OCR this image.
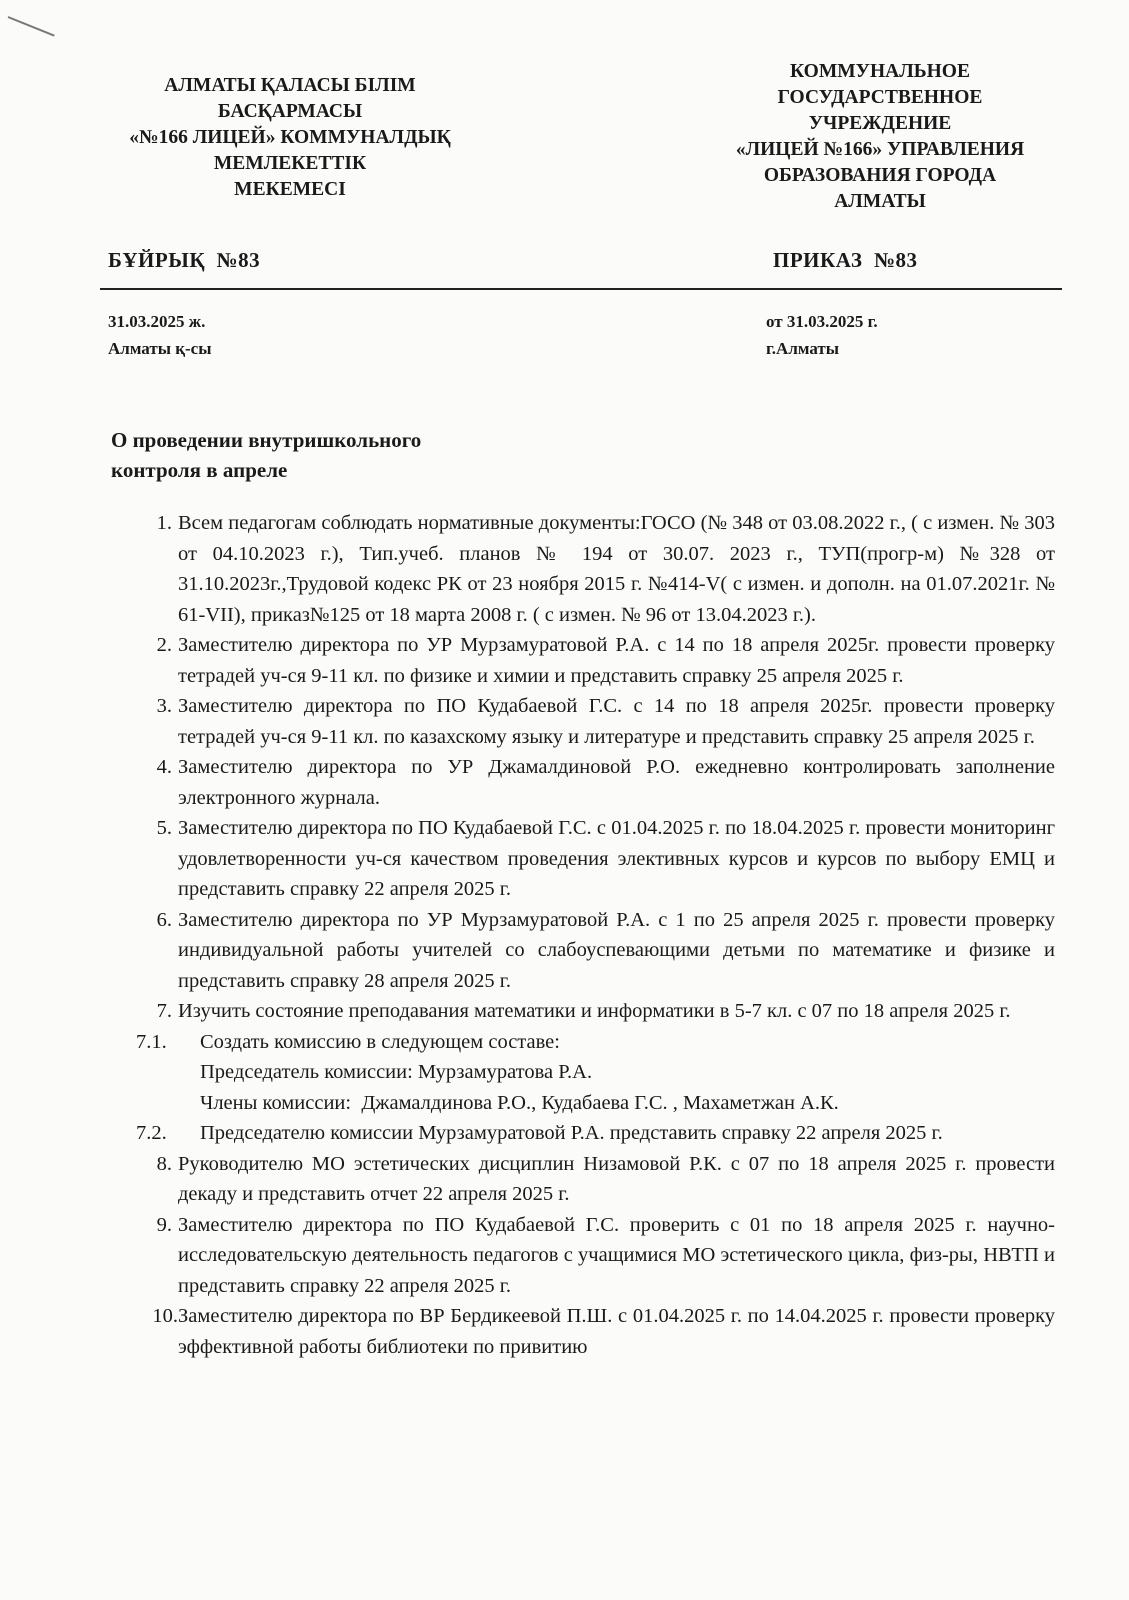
АЛМАТЫ ҚАЛАСЫ БІЛІМ
БАСҚАРМАСЫ
«№166 ЛИЦЕЙ» КОММУНАЛДЫҚ
МЕМЛЕКЕТТІК
МЕКЕМЕСІ
КОММУНАЛЬНОЕ
ГОСУДАРСТВЕННОЕ
УЧРЕЖДЕНИЕ
«ЛИЦЕЙ №166» УПРАВЛЕНИЯ
ОБРАЗОВАНИЯ ГОРОДА
АЛМАТЫ
БҰЙРЫҚ  №83	ПРИКАЗ  №83
31.03.2025 ж.
Алматы қ-сы
от 31.03.2025 г.
г.Алматы
О проведении внутришкольного
контроля в апреле
1. Всем педагогам соблюдать нормативные документы:ГОСО (№ 348 от 03.08.2022 г., ( с измен. № 303 от 04.10.2023 г.), Тип.учеб. планов № 194 от 30.07. 2023 г., ТУП(прогр-м) №328 от 31.10.2023г.,Трудовой кодекс РК от 23 ноября 2015 г. №414-V( с измен. и дополн. на 01.07.2021г. № 61-VII), приказ№125 от 18 марта 2008 г. ( с измен. № 96 от 13.04.2023 г.).
2. Заместителю директора по УР Мурзамуратовой Р.А. с 14 по 18 апреля 2025г. провести проверку тетрадей уч-ся 9-11 кл. по физике и химии и представить справку 25 апреля 2025 г.
3. Заместителю директора по ПО Кудабаевой Г.С. с 14 по 18 апреля 2025г. провести проверку тетрадей уч-ся 9-11 кл. по казахскому языку и литературе и представить справку 25 апреля 2025 г.
4. Заместителю директора по УР Джамалдиновой Р.О. ежедневно контролировать заполнение электронного журнала.
5. Заместителю директора по ПО Кудабаевой Г.С. с 01.04.2025 г. по 18.04.2025 г. провести мониторинг удовлетворенности уч-ся качеством проведения элективных курсов и курсов по выбору ЕМЦ и представить справку 22 апреля 2025 г.
6. Заместителю директора по УР Мурзамуратовой Р.А. с 1 по 25 апреля 2025 г. провести проверку индивидуальной работы учителей со слабоуспевающими детьми по математике и физике и представить справку 28 апреля 2025 г.
7. Изучить состояние преподавания математики и информатики в 5-7 кл. с 07 по 18 апреля 2025 г.
7.1.	Создать комиссию в следующем составе:
Председатель комиссии: Мурзамуратова Р.А.
Члены комиссии:  Джамалдинова Р.О., Кудабаева Г.С. , Махаметжан А.К.
7.2.	Председателю комиссии Мурзамуратовой Р.А. представить справку 22 апреля 2025 г.
8. Руководителю МО эстетических дисциплин Низамовой Р.К. с 07 по 18 апреля 2025 г. провести декаду и представить отчет 22 апреля 2025 г.
9. Заместителю директора по ПО Кудабаевой Г.С. проверить с 01 по 18 апреля 2025 г. научно-исследовательскую деятельность педагогов с учащимися МО эстетического цикла, физ-ры, НВТП и представить справку 22 апреля 2025 г.
10. Заместителю директора по ВР Бердикеевой П.Ш. с 01.04.2025 г. по 14.04.2025 г. провести проверку эффективной работы библиотеки по привитию
